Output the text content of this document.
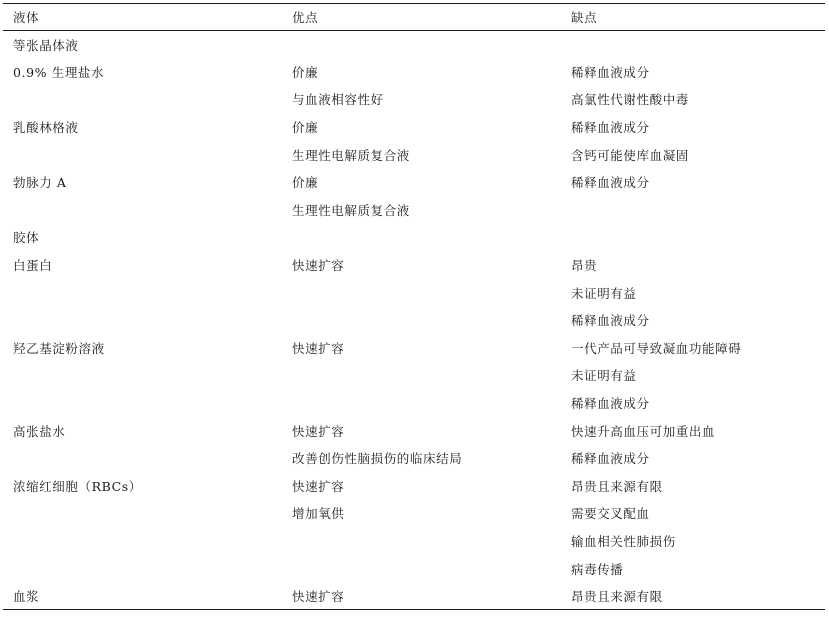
液体	优点	缺点
等张晶体液		
0.9% 生理盐水	价廉	稀释血液成分
	与血液相容性好	高氯性代谢性酸中毒
乳酸林格液	价廉	稀释血液成分
	生理性电解质复合液	含钙可能使库血凝固
勃脉力 A	价廉	稀释血液成分
	生理性电解质复合液	
胶体		
白蛋白	快速扩容	昂贵
		未证明有益
		稀释血液成分
羟乙基淀粉溶液	快速扩容	一代产品可导致凝血功能障碍
		未证明有益
		稀释血液成分
高张盐水	快速扩容	快速升高血压可加重出血
	改善创伤性脑损伤的临床结局	稀释血液成分
浓缩红细胞（RBCs）	快速扩容	昂贵且来源有限
	增加氧供	需要交叉配血
		输血相关性肺损伤
		病毒传播
血浆	快速扩容	昂贵且来源有限
